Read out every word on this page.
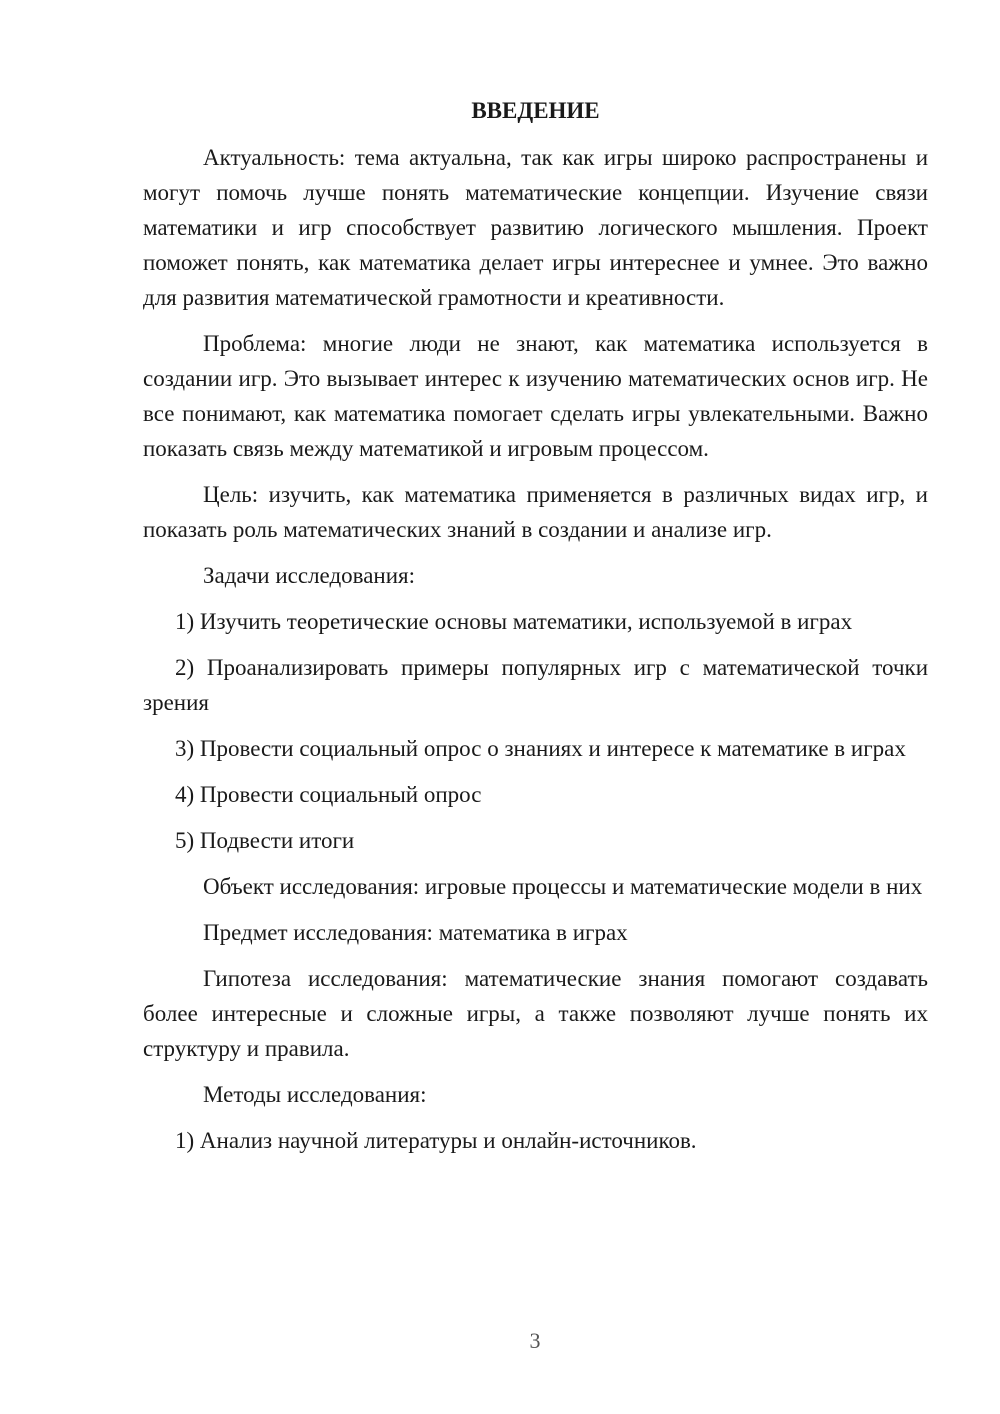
ВВЕДЕНИЕ

Актуальность: тема актуальна, так как игры широко распространены и могут помочь лучше понять математические концепции. Изучение связи математики и игр способствует развитию логического мышления. Проект поможет понять, как математика делает игры интереснее и умнее. Это важно для развития математической грамотности и креативности.

Проблема: многие люди не знают, как математика используется в создании игр. Это вызывает интерес к изучению математических основ игр. Не все понимают, как математика помогает сделать игры увлекательными. Важно показать связь между математикой и игровым процессом.

Цель: изучить, как математика применяется в различных видах игр, и показать роль математических знаний в создании и анализе игр.

Задачи исследования:

1) Изучить теоретические основы математики, используемой в играх

2) Проанализировать примеры популярных игр с математической точки зрения

3) Провести социальный опрос о знаниях и интересе к математике в играх

4) Провести социальный опрос

5) Подвести итоги

Объект исследования: игровые процессы и математические модели в них

Предмет исследования: математика в играх

Гипотеза исследования: математические знания помогают создавать более интересные и сложные игры, а также позволяют лучше понять их структуру и правила.

Методы исследования:

1) Анализ научной литературы и онлайн-источников.

3
